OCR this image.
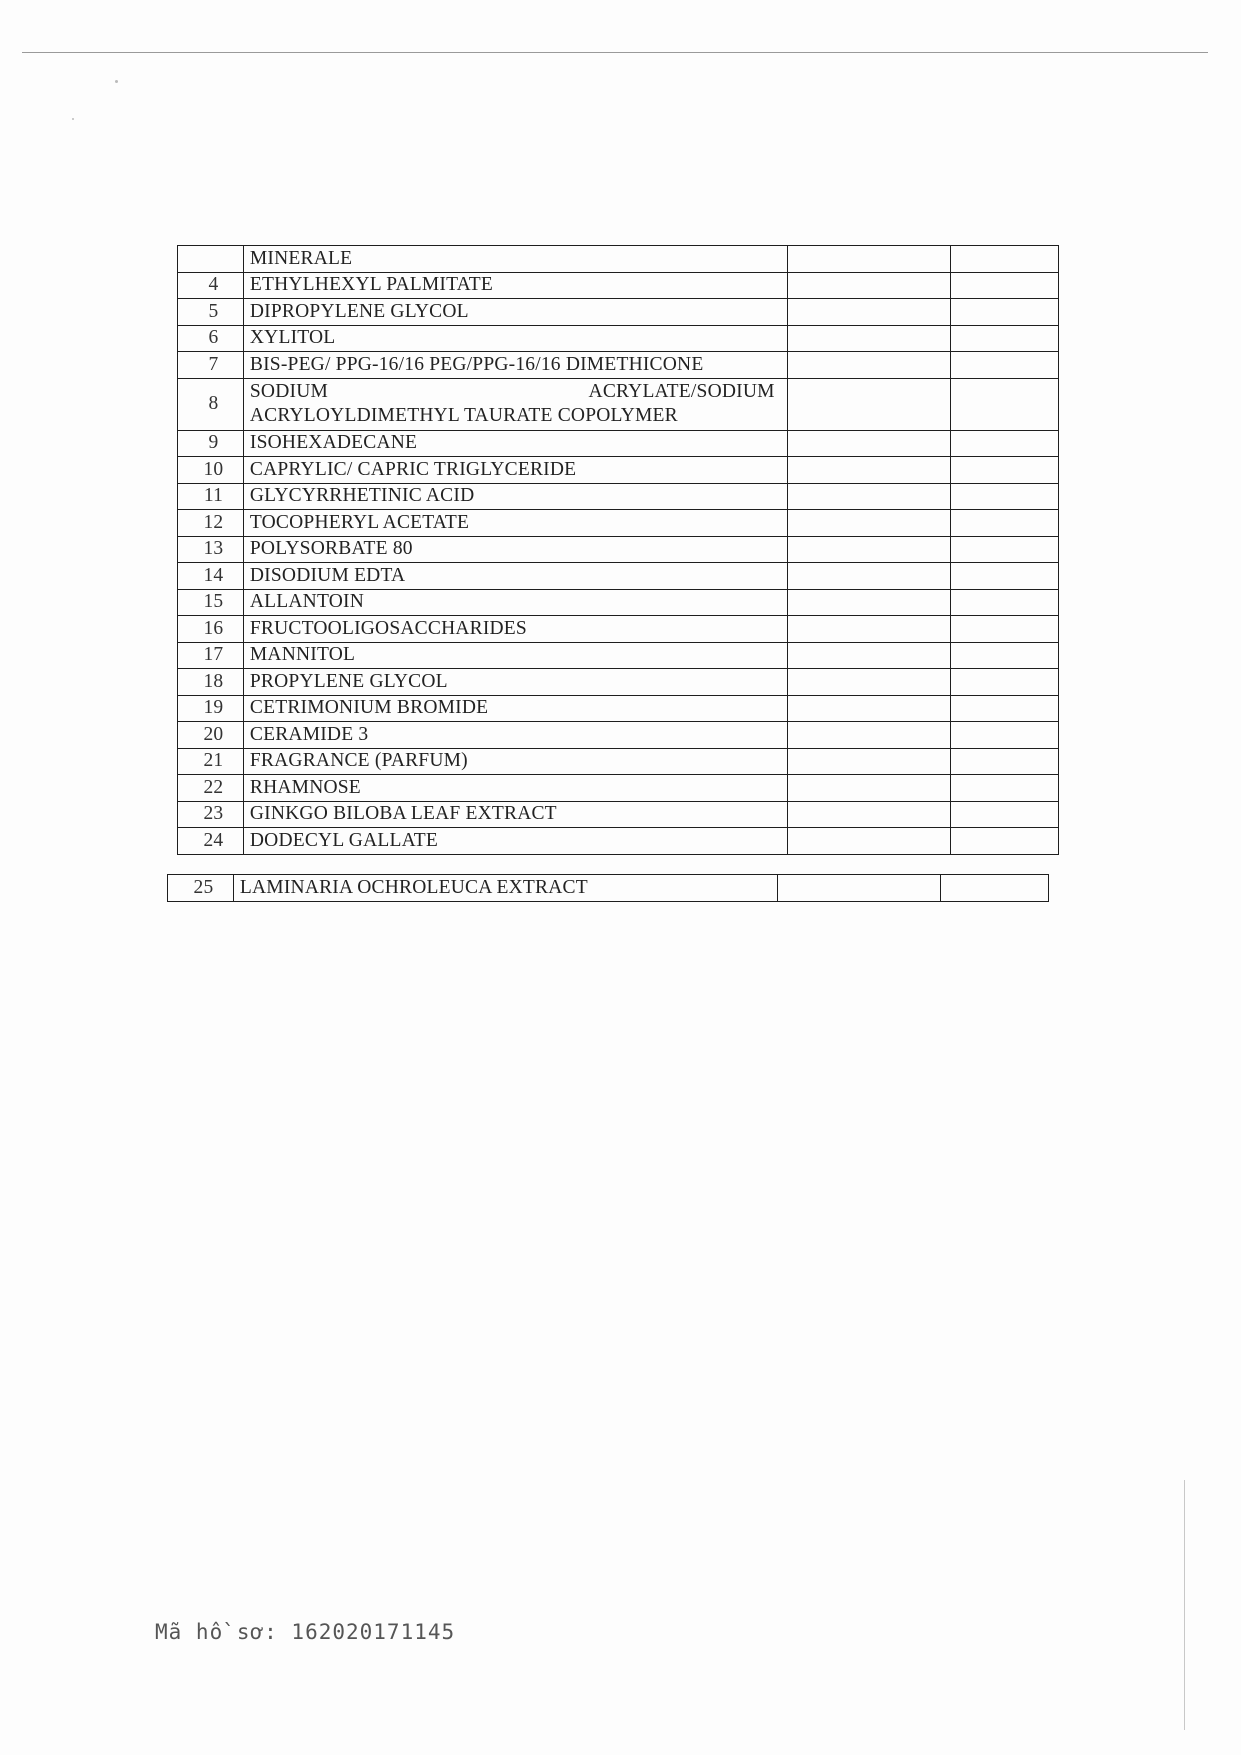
	MINERALE		
4	ETHYLHEXYL PALMITATE		
5	DIPROPYLENE GLYCOL		
6	XYLITOL		
7	BIS-PEG/ PPG-16/16 PEG/PPG-16/16 DIMETHICONE		
8	SODIUM ACRYLATE/SODIUM
ACRYLOYLDIMETHYL TAURATE COPOLYMER		

9	ISOHEXADECANE		
10	CAPRYLIC/ CAPRIC TRIGLYCERIDE		
11	GLYCYRRHETINIC ACID		
12	TOCOPHERYL ACETATE		
13	POLYSORBATE 80		
14	DISODIUM EDTA		
15	ALLANTOIN		
16	FRUCTOOLIGOSACCHARIDES		
17	MANNITOL		
18	PROPYLENE GLYCOL		
19	CETRIMONIUM BROMIDE		
20	CERAMIDE 3		
21	FRAGRANCE (PARFUM)		
22	RHAMNOSE		
23	GINKGO BILOBA LEAF EXTRACT		
24	DODECYL GALLATE		
25	LAMINARIA OCHROLEUCA EXTRACT		
Mã hồ sơ: 162020171145
